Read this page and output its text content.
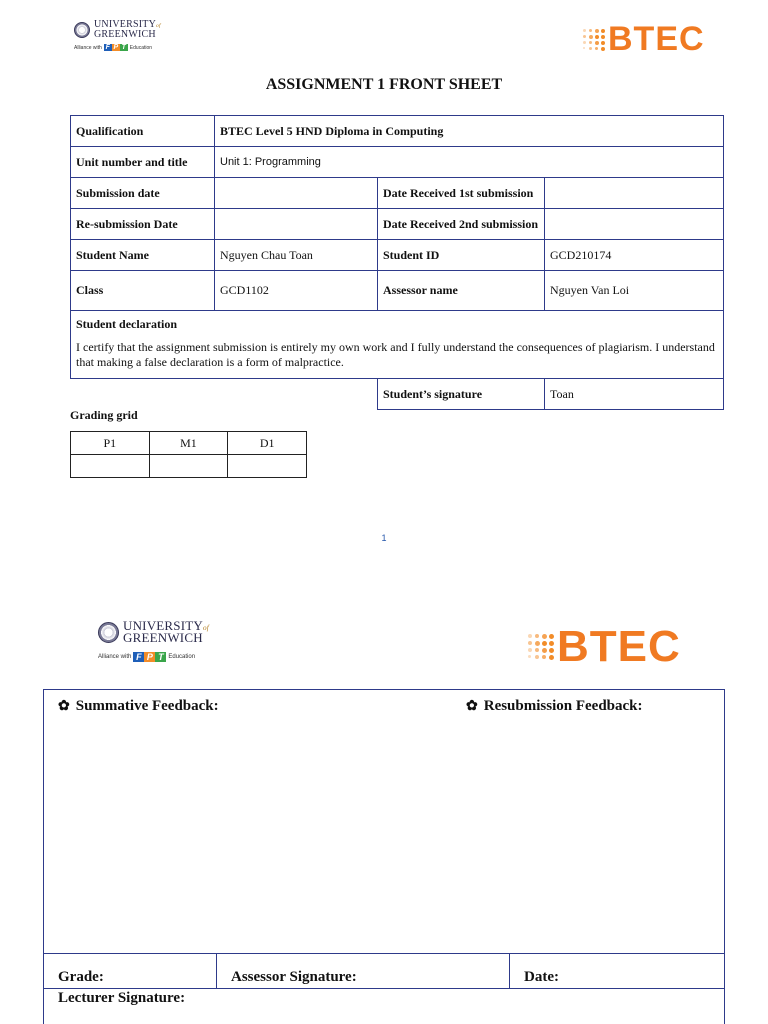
UNIVERSITYof
GREENWICH
Alliance with F P T Education	BTEC
ASSIGNMENT 1 FRONT SHEET
Qualification	BTEC Level 5 HND Diploma in Computing		
Unit number and title	Unit 1: Programming		
Submission date		Date Received 1st submission	
Re-submission Date		Date Received 2nd submission	
Student Name	Nguyen Chau Toan	Student ID	GCD210174
Class	GCD1102	Assessor name	Nguyen Van Loi

Student declaration
I certify that the assignment submission is entirely my own work and I fully understand the consequences of plagiarism. I understand that making a false declaration is a form of malpractice.			

		Student’s signature	Toan
Grading grid
P1	M1	D1

1
UNIVERSITYof
GREENWICH
Alliance with F P T Education	BTEC
✿ Summative Feedback:	✿ Resubmission Feedback:
Grade:	Assessor Signature:	Date:
Lecturer Signature:
